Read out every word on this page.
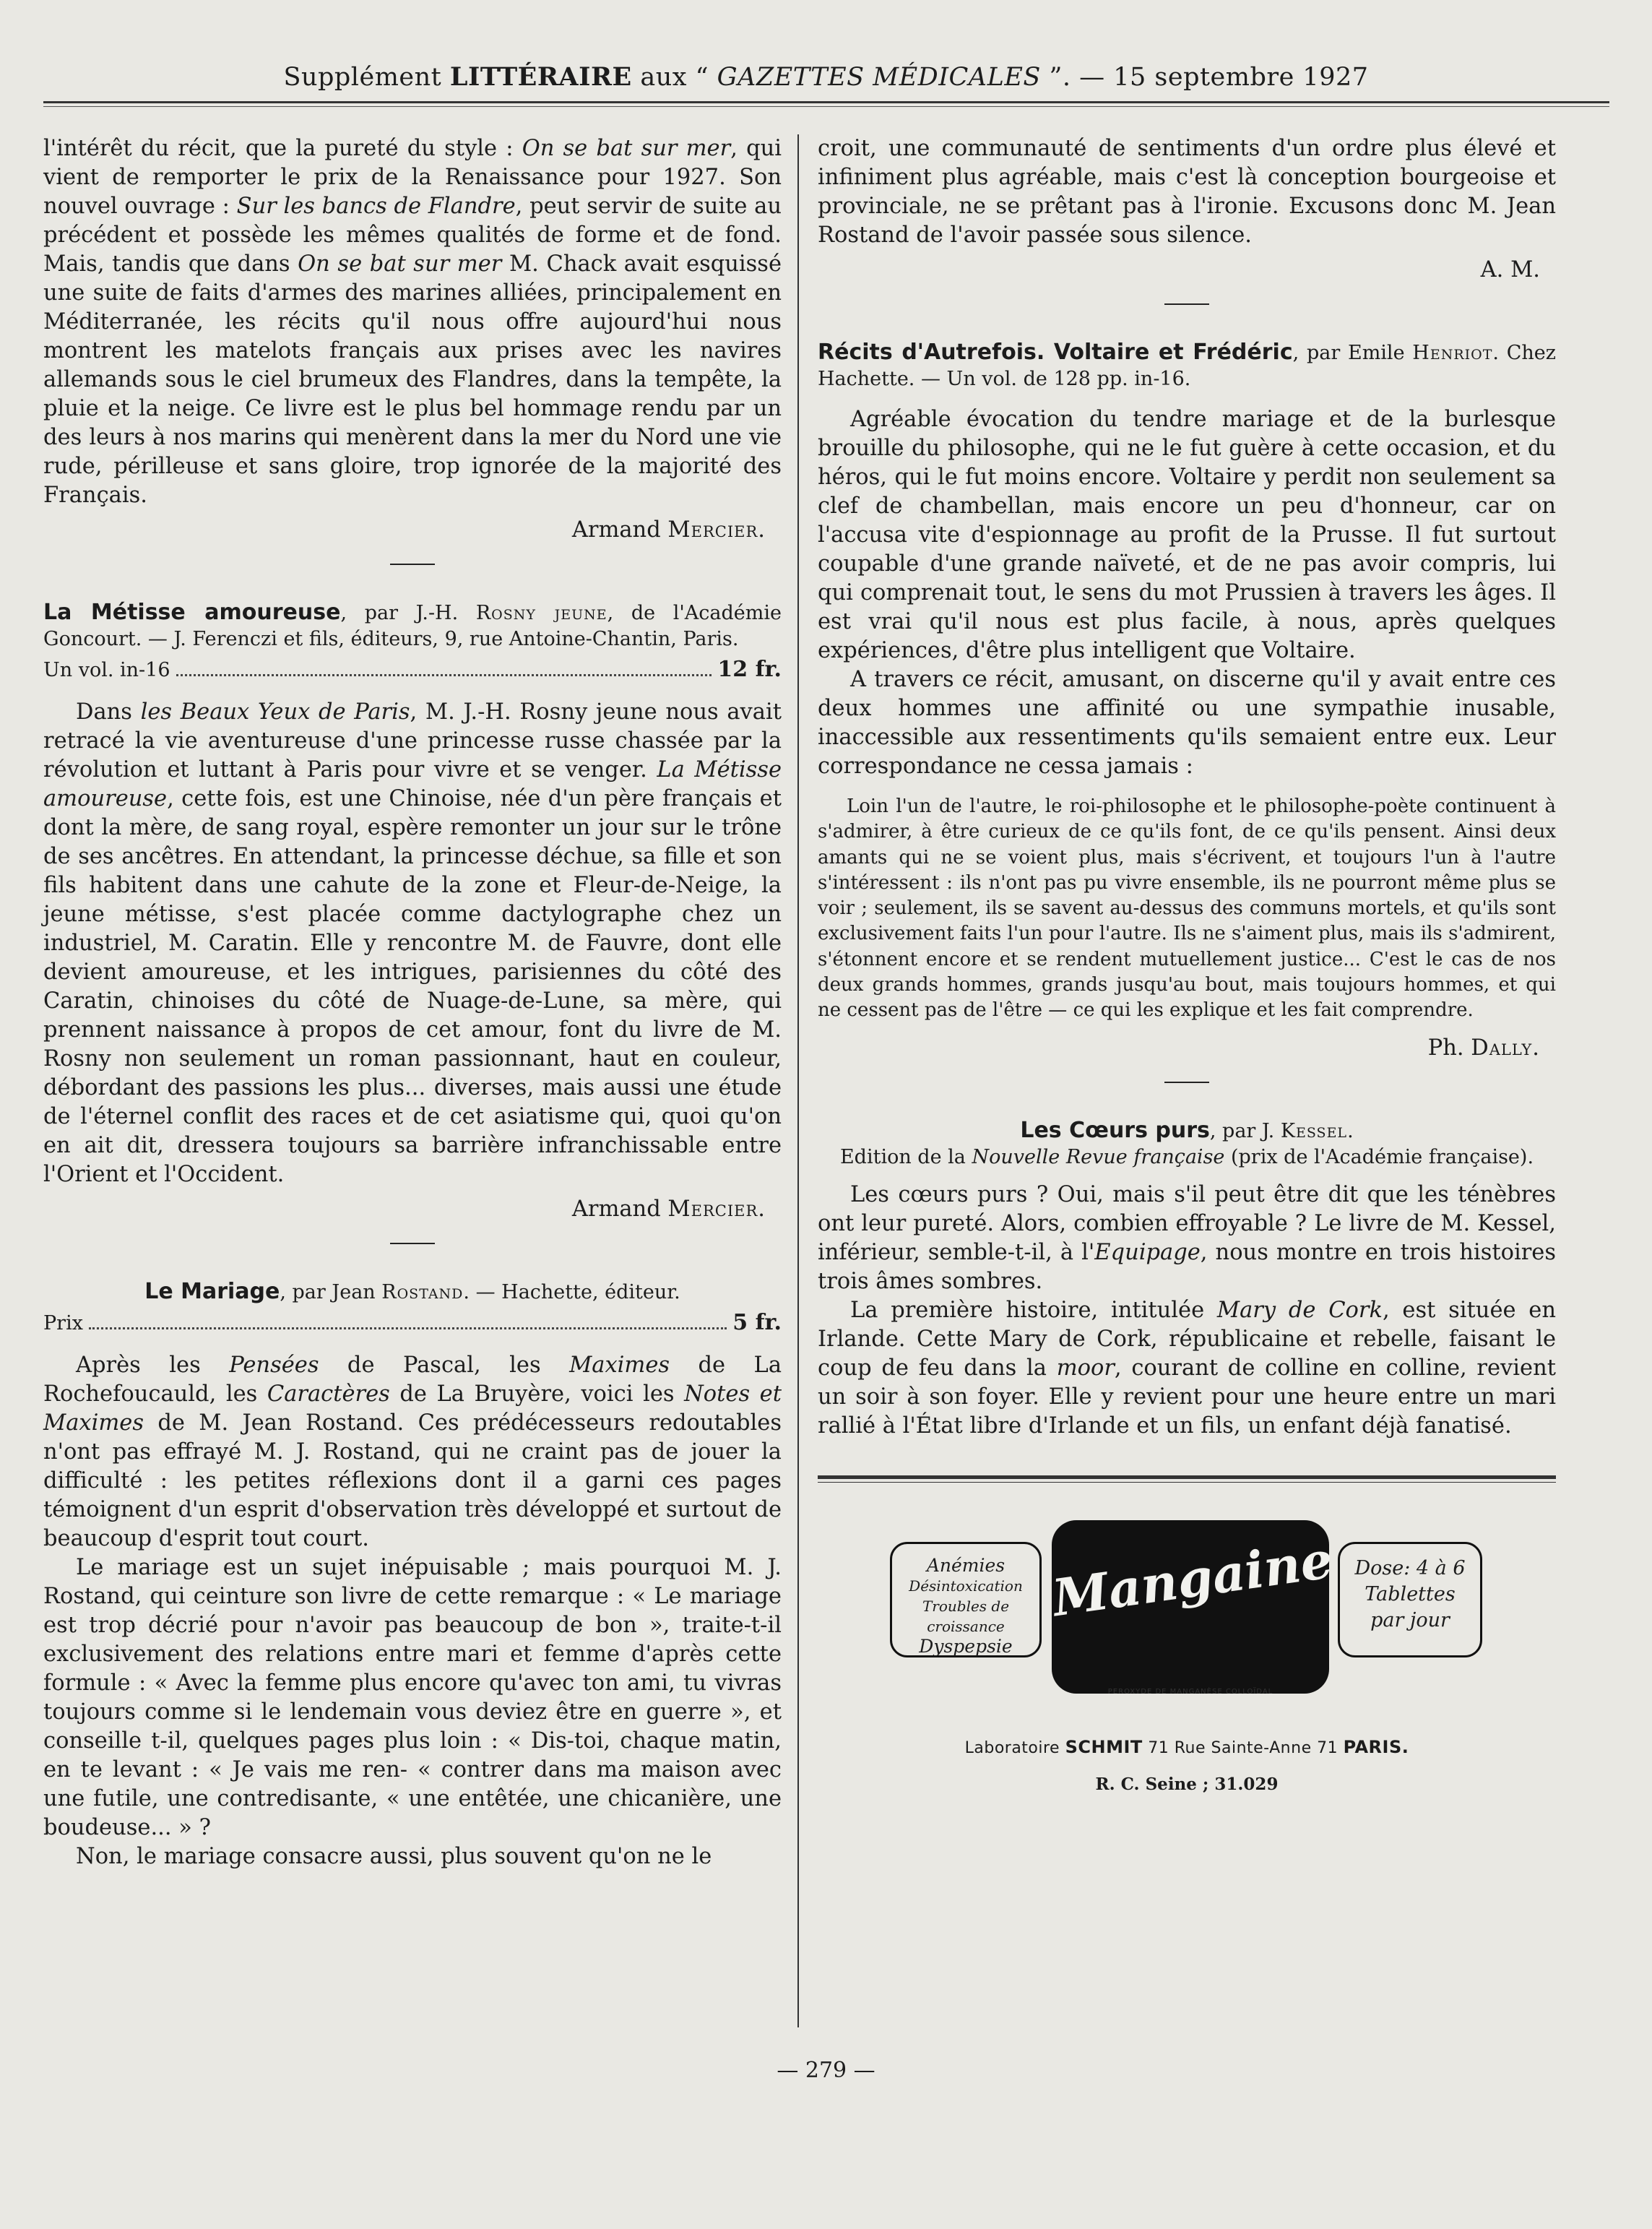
Supplément LITTÉRAIRE aux “ GAZETTES MÉDICALES ”. — 15 septembre 1927

l'intérêt du récit, que la pureté du style : On se bat sur mer, qui vient de remporter le prix de la Renaissance pour 1927. Son nouvel ouvrage : Sur les bancs de Flandre, peut servir de suite au précédent et possède les mêmes qualités de forme et de fond. Mais, tandis que dans On se bat sur mer M. Chack avait esquissé une suite de faits d'armes des marines alliées, principalement en Méditerranée, les récits qu'il nous offre aujourd'hui nous montrent les matelots français aux prises avec les navires allemands sous le ciel brumeux des Flandres, dans la tempête, la pluie et la neige. Ce livre est le plus bel hommage rendu par un des leurs à nos marins qui menèrent dans la mer du Nord une vie rude, périlleuse et sans gloire, trop ignorée de la majorité des Français.

Armand Mercier.

La Métisse amoureuse, par J.-H. Rosny jeune, de l'Académie Goncourt. — J. Ferenczi et fils, éditeurs, 9, rue Antoine-Chantin, Paris.

Un vol. in-16	12 fr.

Dans les Beaux Yeux de Paris, M. J.-H. Rosny jeune nous avait retracé la vie aventureuse d'une princesse russe chassée par la révolution et luttant à Paris pour vivre et se venger. La Métisse amoureuse, cette fois, est une Chinoise, née d'un père français et dont la mère, de sang royal, espère remonter un jour sur le trône de ses ancêtres. En attendant, la princesse déchue, sa fille et son fils habitent dans une cahute de la zone et Fleur-de-Neige, la jeune métisse, s'est placée comme dactylographe chez un industriel, M. Caratin. Elle y rencontre M. de Fauvre, dont elle devient amoureuse, et les intrigues, parisiennes du côté des Caratin, chinoises du côté de Nuage-de-Lune, sa mère, qui prennent naissance à propos de cet amour, font du livre de M. Rosny non seulement un roman passionnant, haut en couleur, débordant des passions les plus... diverses, mais aussi une étude de l'éternel conflit des races et de cet asiatisme qui, quoi qu'on en ait dit, dressera toujours sa barrière infranchissable entre l'Orient et l'Occident.

Armand Mercier.

Le Mariage, par Jean Rostand. — Hachette, éditeur.

Prix	5 fr.

Après les Pensées de Pascal, les Maximes de La Rochefoucauld, les Caractères de La Bruyère, voici les Notes et Maximes de M. Jean Rostand. Ces prédécesseurs redoutables n'ont pas effrayé M. J. Rostand, qui ne craint pas de jouer la difficulté : les petites réflexions dont il a garni ces pages témoignent d'un esprit d'observation très développé et surtout de beaucoup d'esprit tout court.

Le mariage est un sujet inépuisable ; mais pourquoi M. J. Rostand, qui ceinture son livre de cette remarque : « Le mariage est trop décrié pour n'avoir pas beaucoup de bon », traite-t-il exclusivement des relations entre mari et femme d'après cette formule : « Avec la femme plus encore qu'avec ton ami, tu vivras toujours comme si le lendemain vous deviez être en guerre », et conseille t-il, quelques pages plus loin : « Dis-toi, chaque matin, en te levant : « Je vais me ren- « contrer dans ma maison avec une futile, une contredisante, « une entêtée, une chicanière, une boudeuse... » ?

Non, le mariage consacre aussi, plus souvent qu'on ne le

croit, une communauté de sentiments d'un ordre plus élevé et infiniment plus agréable, mais c'est là conception bourgeoise et provinciale, ne se prêtant pas à l'ironie. Excusons donc M. Jean Rostand de l'avoir passée sous silence.

A. M.

Récits d'Autrefois. Voltaire et Frédéric, par Emile Henriot. Chez Hachette. — Un vol. de 128 pp. in-16.

Agréable évocation du tendre mariage et de la burlesque brouille du philosophe, qui ne le fut guère à cette occasion, et du héros, qui le fut moins encore. Voltaire y perdit non seulement sa clef de chambellan, mais encore un peu d'honneur, car on l'accusa vite d'espionnage au profit de la Prusse. Il fut surtout coupable d'une grande naïveté, et de ne pas avoir compris, lui qui comprenait tout, le sens du mot Prussien à travers les âges. Il est vrai qu'il nous est plus facile, à nous, après quelques expériences, d'être plus intelligent que Voltaire.

A travers ce récit, amusant, on discerne qu'il y avait entre ces deux hommes une affinité ou une sympathie inusable, inaccessible aux ressentiments qu'ils semaient entre eux. Leur correspondance ne cessa jamais :

Loin l'un de l'autre, le roi-philosophe et le philosophe-poète continuent à s'admirer, à être curieux de ce qu'ils font, de ce qu'ils pensent. Ainsi deux amants qui ne se voient plus, mais s'écrivent, et toujours l'un à l'autre s'intéressent : ils n'ont pas pu vivre ensemble, ils ne pourront même plus se voir ; seulement, ils se savent au-dessus des communs mortels, et qu'ils sont exclusivement faits l'un pour l'autre. Ils ne s'aiment plus, mais ils s'admirent, s'étonnent encore et se rendent mutuellement justice... C'est le cas de nos deux grands hommes, grands jusqu'au bout, mais toujours hommes, et qui ne cessent pas de l'être — ce qui les explique et les fait comprendre.

Ph. Dally.

Les Cœurs purs, par J. Kessel.

Edition de la Nouvelle Revue française (prix de l'Académie française).

Les cœurs purs ? Oui, mais s'il peut être dit que les ténèbres ont leur pureté. Alors, combien effroyable ? Le livre de M. Kessel, inférieur, semble-t-il, à l'Equipage, nous montre en trois histoires trois âmes sombres.

La première histoire, intitulée Mary de Cork, est située en Irlande. Cette Mary de Cork, républicaine et rebelle, faisant le coup de feu dans la moor, courant de colline en colline, revient un soir à son foyer. Elle y revient pour une heure entre un mari rallié à l'État libre d'Irlande et un fils, un enfant déjà fanatisé.

Anémies
Désintoxication
Troubles de croissance
Dyspepsie
Mangaine
PEROXYDE DE MANGANÈSE COLLOÏDAL
Dose: 4 à 6
Tablettes
par jour
Laboratoire SCHMIT 71 Rue Sainte-Anne 71 PARIS.
R. C. Seine ; 31.029
— 279 —
